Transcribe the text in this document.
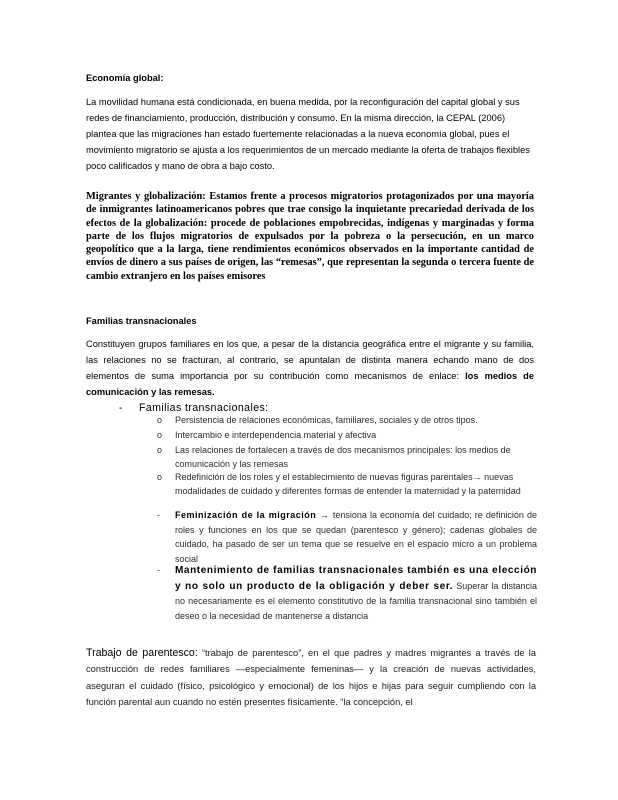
Economía global:
La movilidad humana está condicionada, en buena medida, por la reconfiguración del capital global y sus redes de financiamiento, producción, distribución y consumo. En la misma dirección, la CEPAL (2006) plantea que las migraciones han estado fuertemente relacionadas a la nueva economía global, pues el movimiento migratorio se ajusta a los requerimientos de un mercado mediante la oferta de trabajos flexibles poco calificados y mano de obra a bajo costo.
Migrantes y globalización: Estamos frente a procesos migratorios protagonizados por una mayoría de inmigrantes latinoamericanos pobres que trae consigo la inquietante precariedad derivada de los efectos de la globalización: procede de poblaciones empobrecidas, indígenas y marginadas y forma parte de los flujos migratorios de expulsados por la pobreza o la persecución, en un marco geopolítico que a la larga, tiene rendimientos económicos observados en la importante cantidad de envíos de dinero a sus países de origen, las “remesas”, que representan la segunda o tercera fuente de cambio extranjero en los países emisores
Familias transnacionales
Constituyen grupos familiares en los que, a pesar de la distancia geográfica entre el migrante y su familia, las relaciones no se fracturan, al contrario, se apuntalan de distinta manera echando mano de dos elementos de suma importancia por su contribución como mecanismos de enlace: los medios de comunicación y las remesas.
- Familias transnacionales:
o Persistencia de relaciones económicas, familiares, sociales y de otros tipos.
o Intercambio e interdependencia material y afectiva
o Las relaciones de fortalecen a través de dos mecanismos principales: los medios de comunicación y las remesas
o Redefinición de los roles y el establecimiento de nuevas figuras parentales→ nuevas modalidades de cuidado y diferentes formas de entender la maternidad y la paternidad
- Feminización de la migración → tensiona la economía del cuidado; re definición de roles y funciones en los que se quedan (parentesco y género); cadenas globales de cuidado, ha pasado de ser un tema que se resuelve en el espacio micro a un problema social
- Mantenimiento de familias transnacionales también es una elección y no solo un producto de la obligación y deber ser. Superar la distancia no necesariamente es el elemento constitutivo de la familia transnacional sino también el deseo o la necesidad de mantenerse a distancia
Trabajo de parentesco: “trabajo de parentesco”, en el que padres y madres migrantes a través de la construcción de redes familiares —especialmente femeninas— y la creación de nuevas actividades, aseguran el cuidado (físico, psicológico y emocional) de los hijos e hijas para seguir cumpliendo con la función parental aun cuando no estén presentes físicamente. “la concepción, el
